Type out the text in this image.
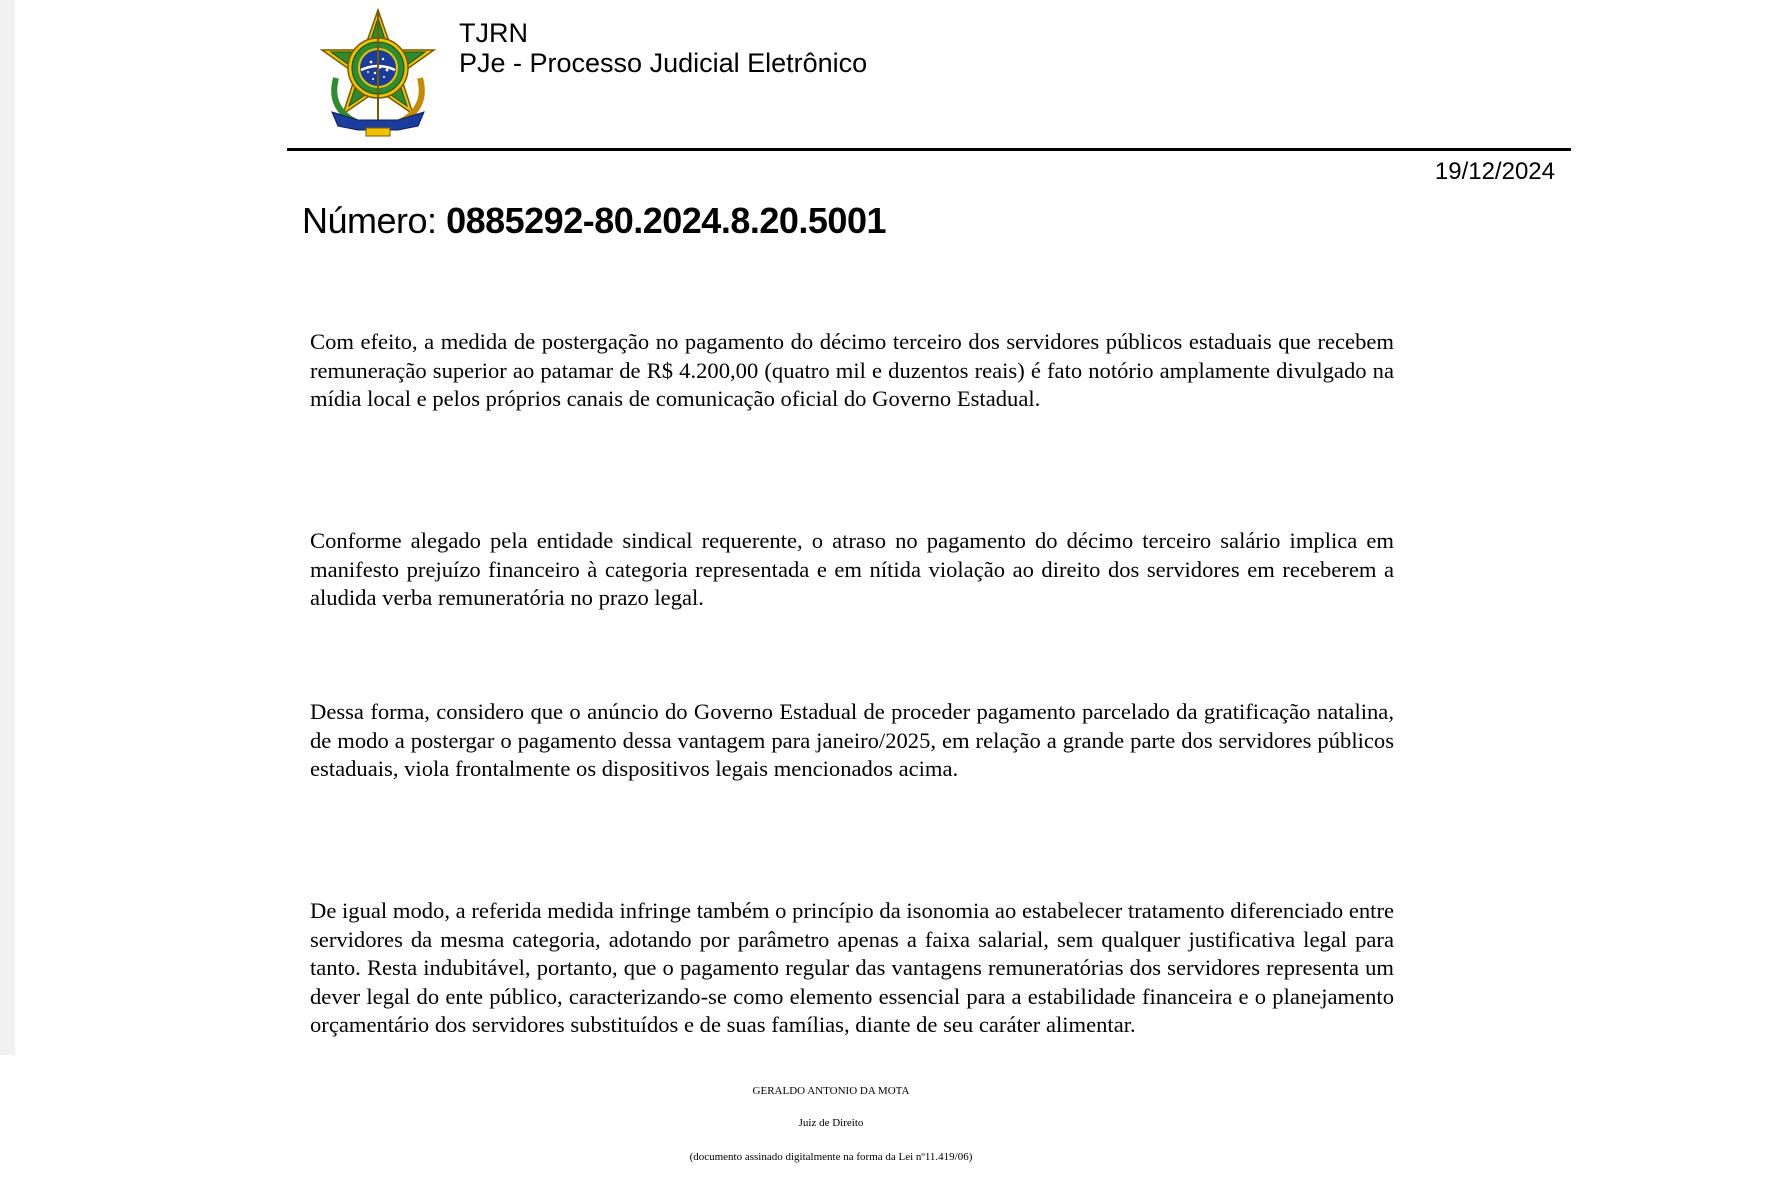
TJRN
PJe - Processo Judicial Eletrônico
19/12/2024
Número: 0885292-80.2024.8.20.5001
Com efeito, a medida de postergação no pagamento do décimo terceiro dos servidores públicos estaduais que recebem remuneração superior ao patamar de R$ 4.200,00 (quatro mil e duzentos reais) é fato notório amplamente divulgado na mídia local e pelos próprios canais de comunicação oficial do Governo Estadual.
Conforme alegado pela entidade sindical requerente, o atraso no pagamento do décimo terceiro salário implica em manifesto prejuízo financeiro à categoria representada e em nítida violação ao direito dos servidores em receberem a aludida verba remuneratória no prazo legal.
Dessa forma, considero que o anúncio do Governo Estadual de proceder pagamento parcelado da gratificação natalina, de modo a postergar o pagamento dessa vantagem para janeiro/2025, em relação a grande parte dos servidores públicos estaduais, viola frontalmente os dispositivos legais mencionados acima.
De igual modo, a referida medida infringe também o princípio da isonomia ao estabelecer tratamento diferenciado entre servidores da mesma categoria, adotando por parâmetro apenas a faixa salarial, sem qualquer justificativa legal para tanto. Resta indubitável, portanto, que o pagamento regular das vantagens remuneratórias dos servidores representa um dever legal do ente público, caracterizando-se como elemento essencial para a estabilidade financeira e o planejamento orçamentário dos servidores substituídos e de suas famílias, diante de seu caráter alimentar.
GERALDO ANTONIO DA MOTA
Juiz de Direito
(documento assinado digitalmente na forma da Lei nº11.419/06)
